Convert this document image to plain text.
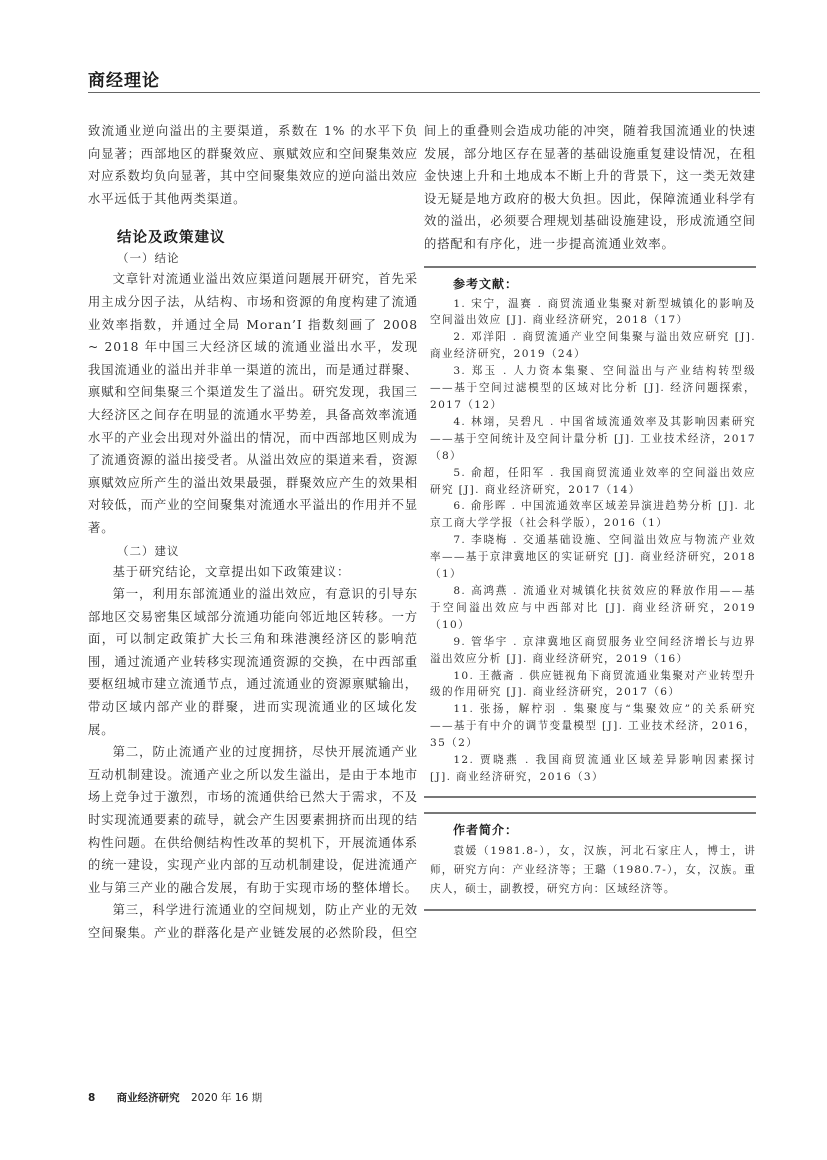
商经理论

致流通业逆向溢出的主要渠道，系数在 1% 的水平下负向显著；西部地区的群聚效应、禀赋效应和空间聚集效应对应系数均负向显著，其中空间聚集效应的逆向溢出效应水平远低于其他两类渠道。

结论及政策建议
（一）结论

文章针对流通业溢出效应渠道问题展开研究，首先采用主成分因子法，从结构、市场和资源的角度构建了流通业效率指数，并通过全局 Moran’I 指数刻画了 2008 ~ 2018 年中国三大经济区域的流通业溢出水平，发现我国流通业的溢出并非单一渠道的流出，而是通过群聚、禀赋和空间集聚三个渠道发生了溢出。研究发现，我国三大经济区之间存在明显的流通水平势差，具备高效率流通水平的产业会出现对外溢出的情况，而中西部地区则成为了流通资源的溢出接受者。从溢出效应的渠道来看，资源禀赋效应所产生的溢出效果最强，群聚效应产生的效果相对较低，而产业的空间聚集对流通水平溢出的作用并不显著。

（二）建议

基于研究结论，文章提出如下政策建议：

第一，利用东部流通业的溢出效应，有意识的引导东部地区交易密集区域部分流通功能向邻近地区转移。一方面，可以制定政策扩大长三角和珠港澳经济区的影响范围，通过流通产业转移实现流通资源的交换，在中西部重要枢纽城市建立流通节点，通过流通业的资源禀赋输出，带动区域内部产业的群聚，进而实现流通业的区域化发展。

第二，防止流通产业的过度拥挤，尽快开展流通产业互动机制建设。流通产业之所以发生溢出，是由于本地市场上竞争过于激烈，市场的流通供给已然大于需求，不及时实现流通要素的疏导，就会产生因要素拥挤而出现的结构性问题。在供给侧结构性改革的契机下，开展流通体系的统一建设，实现产业内部的互动机制建设，促进流通产业与第三产业的融合发展，有助于实现市场的整体增长。

第三，科学进行流通业的空间规划，防止产业的无效空间聚集。产业的群落化是产业链发展的必然阶段，但空

间上的重叠则会造成功能的冲突，随着我国流通业的快速发展，部分地区存在显著的基础设施重复建设情况，在租金快速上升和土地成本不断上升的背景下，这一类无效建设无疑是地方政府的极大负担。因此，保障流通业科学有效的溢出，必须要合理规划基础设施建设，形成流通空间的搭配和有序化，进一步提高流通业效率。

参考文献：

1. 宋宁，温赛 . 商贸流通业集聚对新型城镇化的影响及空间溢出效应 [J]. 商业经济研究，2018（17）

2. 邓洋阳 . 商贸流通产业空间集聚与溢出效应研究 [J]. 商业经济研究，2019（24）

3. 郑玉 . 人力资本集聚、空间溢出与产业结构转型级——基于空间过滤模型的区域对比分析 [J]. 经济问题探索，2017（12）

4. 林翊，吴碧凡 . 中国省域流通效率及其影响因素研究——基于空间统计及空间计量分析 [J]. 工业技术经济，2017（8）

5. 俞超，任阳军 . 我国商贸流通业效率的空间溢出效应研究 [J]. 商业经济研究，2017（14）

6. 俞彤晖 . 中国流通效率区域差异演进趋势分析 [J]. 北京工商大学学报（社会科学版），2016（1）

7. 李晓梅 . 交通基础设施、空间溢出效应与物流产业效率——基于京津冀地区的实证研究 [J]. 商业经济研究，2018（1）

8. 高鸿燕 . 流通业对城镇化扶贫效应的释放作用——基于空间溢出效应与中西部对比 [J]. 商业经济研究，2019（10）

9. 管华宇 . 京津冀地区商贸服务业空间经济增长与边界溢出效应分析 [J]. 商业经济研究，2019（16）

10. 王薇斋 . 供应链视角下商贸流通业集聚对产业转型升级的作用研究 [J]. 商业经济研究，2017（6）

11. 张扬，解柠羽 . 集聚度与“集聚效应”的关系研究——基于有中介的调节变量模型 [J]. 工业技术经济，2016，35（2）

12. 贾晓燕 . 我国商贸流通业区域差异影响因素探讨 [J]. 商业经济研究，2016（3）

作者简介：

袁媛（1981.8-），女，汉族，河北石家庄人，博士，讲师，研究方向：产业经济等；王璐（1980.7-），女，汉族。重庆人，硕士，副教授，研究方向：区域经济等。

8 商业经济研究 2020 年 16 期
